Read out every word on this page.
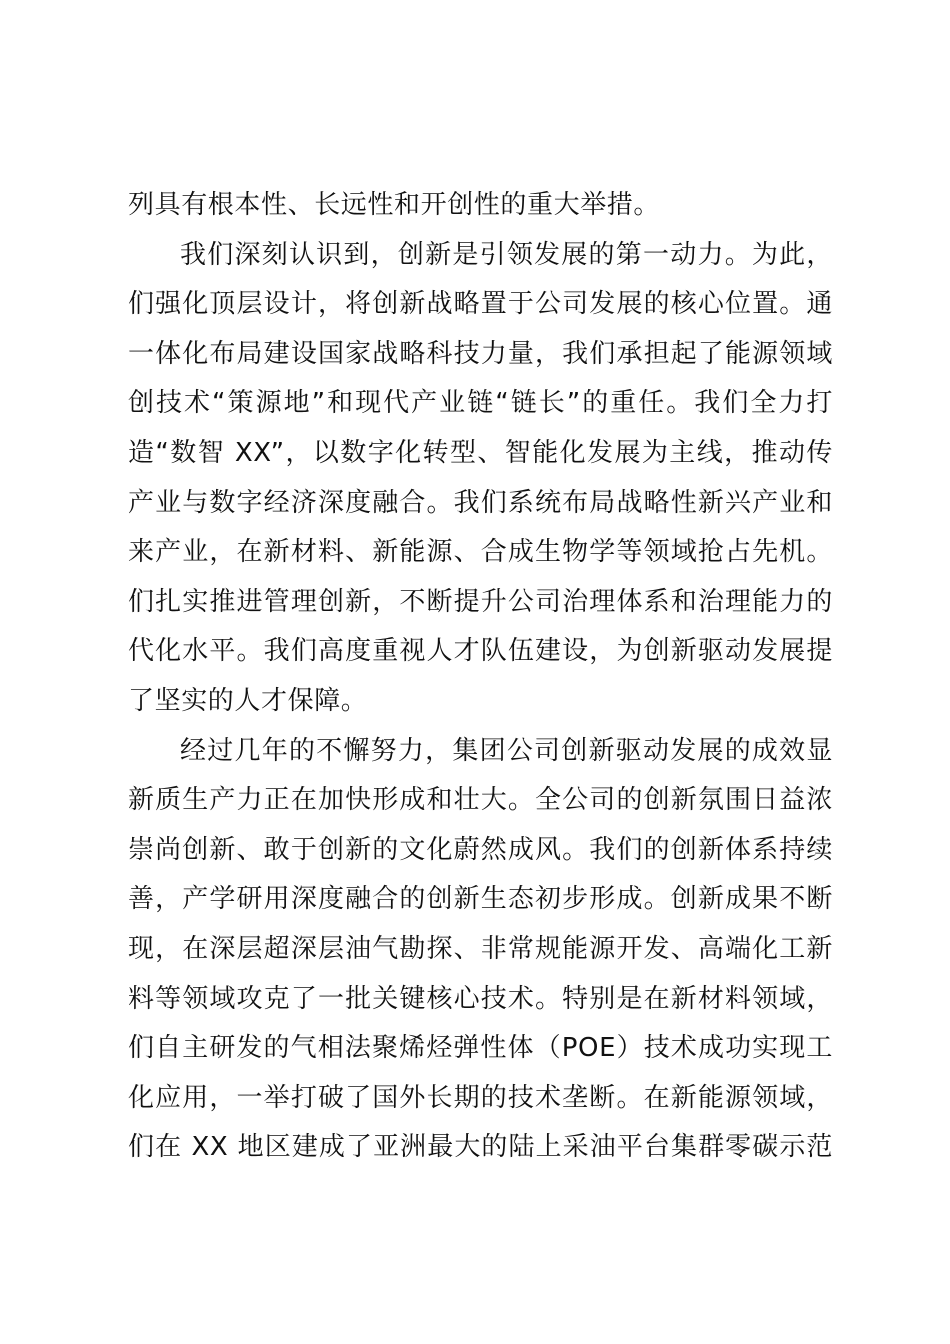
列具有根本性、长远性和开创性的重大举措。
我们深刻认识到，创新是引领发展的第一动力。为此，
们强化顶层设计，将创新战略置于公司发展的核心位置。通
一体化布局建设国家战略科技力量，我们承担起了能源领域
创技术“策源地”和现代产业链“链长”的重任。我们全力打
造“数智 XX”，以数字化转型、智能化发展为主线，推动传
产业与数字经济深度融合。我们系统布局战略性新兴产业和
来产业，在新材料、新能源、合成生物学等领域抢占先机。
们扎实推进管理创新，不断提升公司治理体系和治理能力的
代化水平。我们高度重视人才队伍建设，为创新驱动发展提
了坚实的人才保障。
经过几年的不懈努力，集团公司创新驱动发展的成效显
新质生产力正在加快形成和壮大。全公司的创新氛围日益浓
崇尚创新、敢于创新的文化蔚然成风。我们的创新体系持续
善，产学研用深度融合的创新生态初步形成。创新成果不断
现，在深层超深层油气勘探、非常规能源开发、高端化工新
料等领域攻克了一批关键核心技术。特别是在新材料领域，
们自主研发的气相法聚烯烃弹性体（POE）技术成功实现工
化应用，一举打破了国外长期的技术垄断。在新能源领域，
们在 XX 地区建成了亚洲最大的陆上采油平台集群零碳示范
